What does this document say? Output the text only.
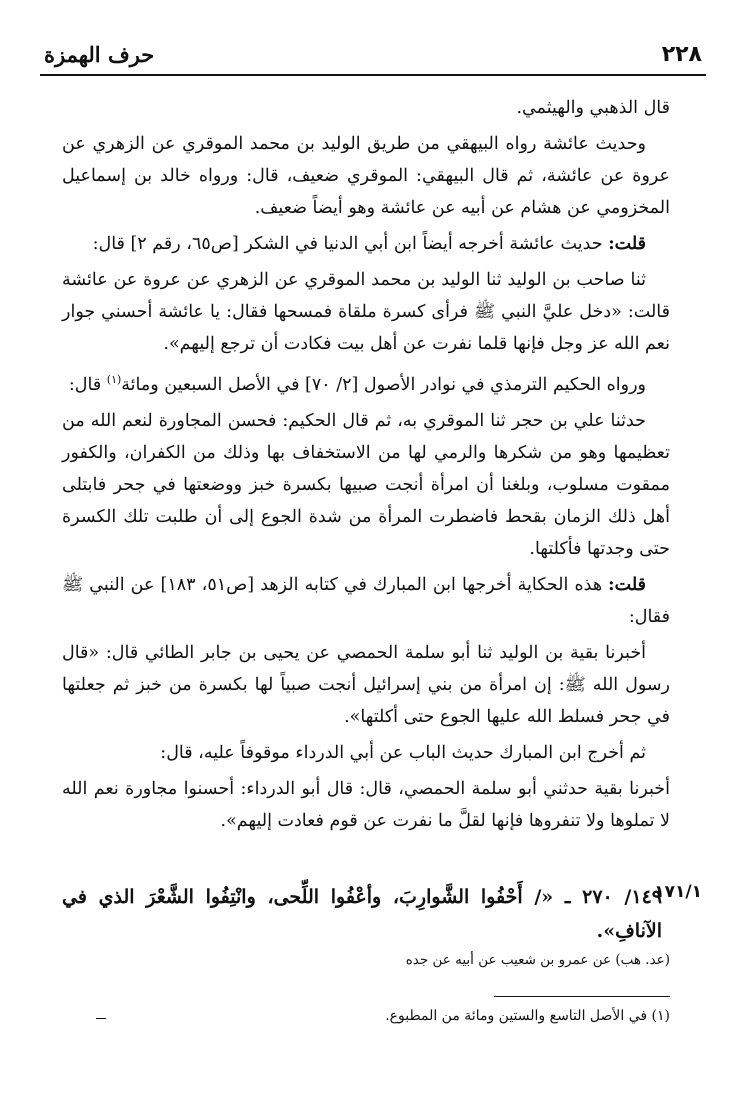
٢٢٨
حرف الهمزة

قال الذهبي والهيثمي.

وحديث عائشة رواه البيهقي من طريق الوليد بن محمد الموقري عن الزهري عن عروة عن عائشة، ثم قال البيهقي: الموقري ضعيف، قال: ورواه خالد بن إسماعيل المخزومي عن هشام عن أبيه عن عائشة وهو أيضاً ضعيف.

قلت: حديث عائشة أخرجه أيضاً ابن أبي الدنيا في الشكر [ص٦٥، رقم ٢] قال:

ثنا صاحب بن الوليد ثنا الوليد بن محمد الموقري عن الزهري عن عروة عن عائشة قالت: «دخل عليَّ النبي ﷺ فرأى كسرة ملقاة فمسحها فقال: يا عائشة أحسني جوار نعم الله عز وجل فإنها قلما نفرت عن أهل بيت فكادت أن ترجع إليهم».

ورواه الحكيم الترمذي في نوادر الأصول [٢/ ٧٠] في الأصل السبعين ومائة$^{(١)}$ قال:

حدثنا علي بن حجر ثنا الموقري به، ثم قال الحكيم: فحسن المجاورة لنعم الله من تعظيمها وهو من شكرها والرمي لها من الاستخفاف بها وذلك من الكفران، والكفور ممقوت مسلوب، وبلغنا أن امرأة أنجت صبيها بكسرة خبز ووضعتها في جحر فابتلى أهل ذلك الزمان بقحط فاضطرت المرأة من شدة الجوع إلى أن طلبت تلك الكسرة حتى وجدتها فأكلتها.

قلت: هذه الحكاية أخرجها ابن المبارك في كتابه الزهد [ص٥١، ١٨٣] عن النبي ﷺ فقال:

أخبرنا بقية بن الوليد ثنا أبو سلمة الحمصي عن يحيى بن جابر الطائي قال: «قال رسول الله ﷺ: إن امرأة من بني إسرائيل أنجت صبياً لها بكسرة من خبز ثم جعلتها في جحر فسلط الله عليها الجوع حتى أكلتها».

ثم أخرج ابن المبارك حديث الباب عن أبي الدرداء موقوفاً عليه، قال:

أخبرنا بقية حدثني أبو سلمة الحمصي، قال: قال أبو الدرداء: أحسنوا مجاورة نعم الله لا تملوها ولا تنفروها فإنها لقلَّ ما نفرت عن قوم فعادت إليهم».

١٧١/١
١٤٩/ ٢٧٠ ـ «/ أَحْفُوا الشَّوارِبَ، وأعْفُوا اللِّحى، وانْتِفُوا الشَّعْرَ الذي في الآنافِ».
(عد. هب) عن عمرو بن شعيب عن أبيه عن جده
(١) في الأصل التاسع والستين ومائة من المطبوع.
